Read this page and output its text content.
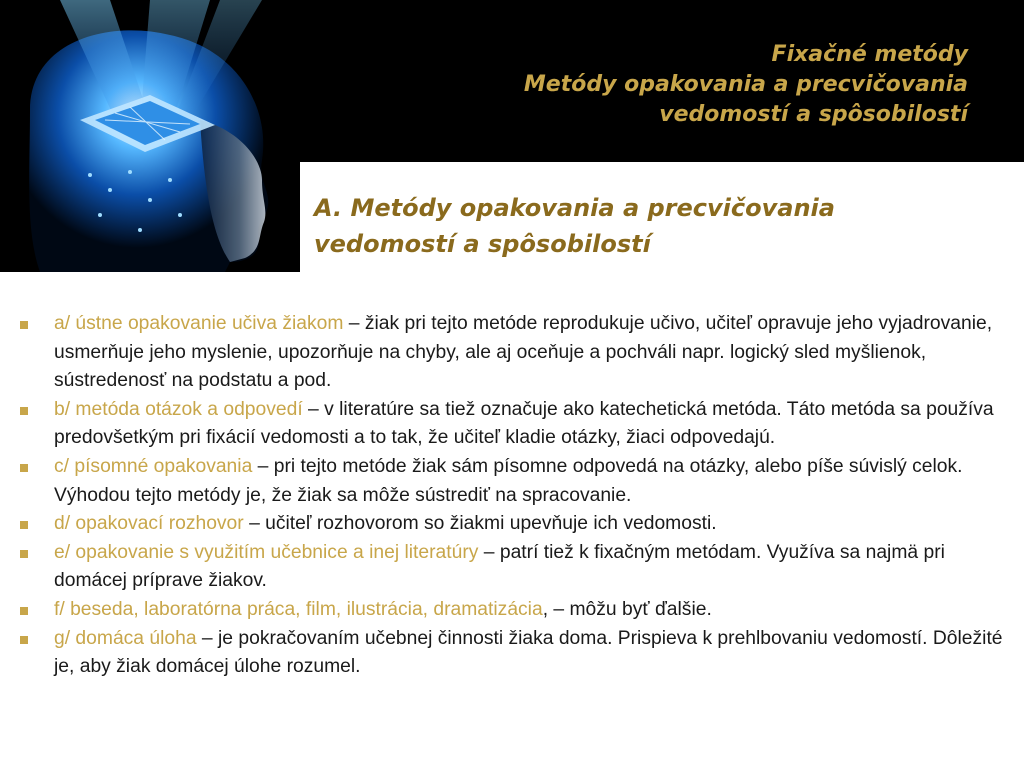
Fixačné metódy
Metódy opakovania a precvičovania
vedomostí a spôsobilostí
A. Metódy opakovania a precvičovania
vedomostí a spôsobilostí
a/ ústne opakovanie učiva žiakom – žiak pri tejto metóde reprodukuje učivo, učiteľ opravuje jeho vyjadrovanie, usmerňuje jeho myslenie, upozorňuje na chyby, ale aj oceňuje a pochváli napr. logický sled myšlienok, sústredenosť na podstatu a pod.
b/ metóda otázok a odpovedí – v literatúre sa tiež označuje ako katechetická metóda. Táto metóda sa používa predovšetkým pri fixácií vedomosti a to tak, že učiteľ kladie otázky, žiaci odpovedajú.
c/ písomné opakovania – pri tejto metóde žiak sám písomne odpovedá na otázky, alebo píše súvislý celok. Výhodou tejto metódy je, že žiak sa môže sústrediť na spracovanie.
d/ opakovací rozhovor – učiteľ rozhovorom so žiakmi upevňuje ich vedomosti.
e/ opakovanie s využitím učebnice a inej literatúry – patrí tiež k fixačným metódam. Využíva sa najmä pri domácej príprave žiakov.
f/ beseda, laboratórna práca, film, ilustrácia, dramatizácia, – môžu byť ďalšie.
g/ domáca úloha – je pokračovaním učebnej činnosti žiaka doma. Prispieva k prehlbovaniu vedomostí. Dôležité je, aby žiak domácej úlohe rozumel.
